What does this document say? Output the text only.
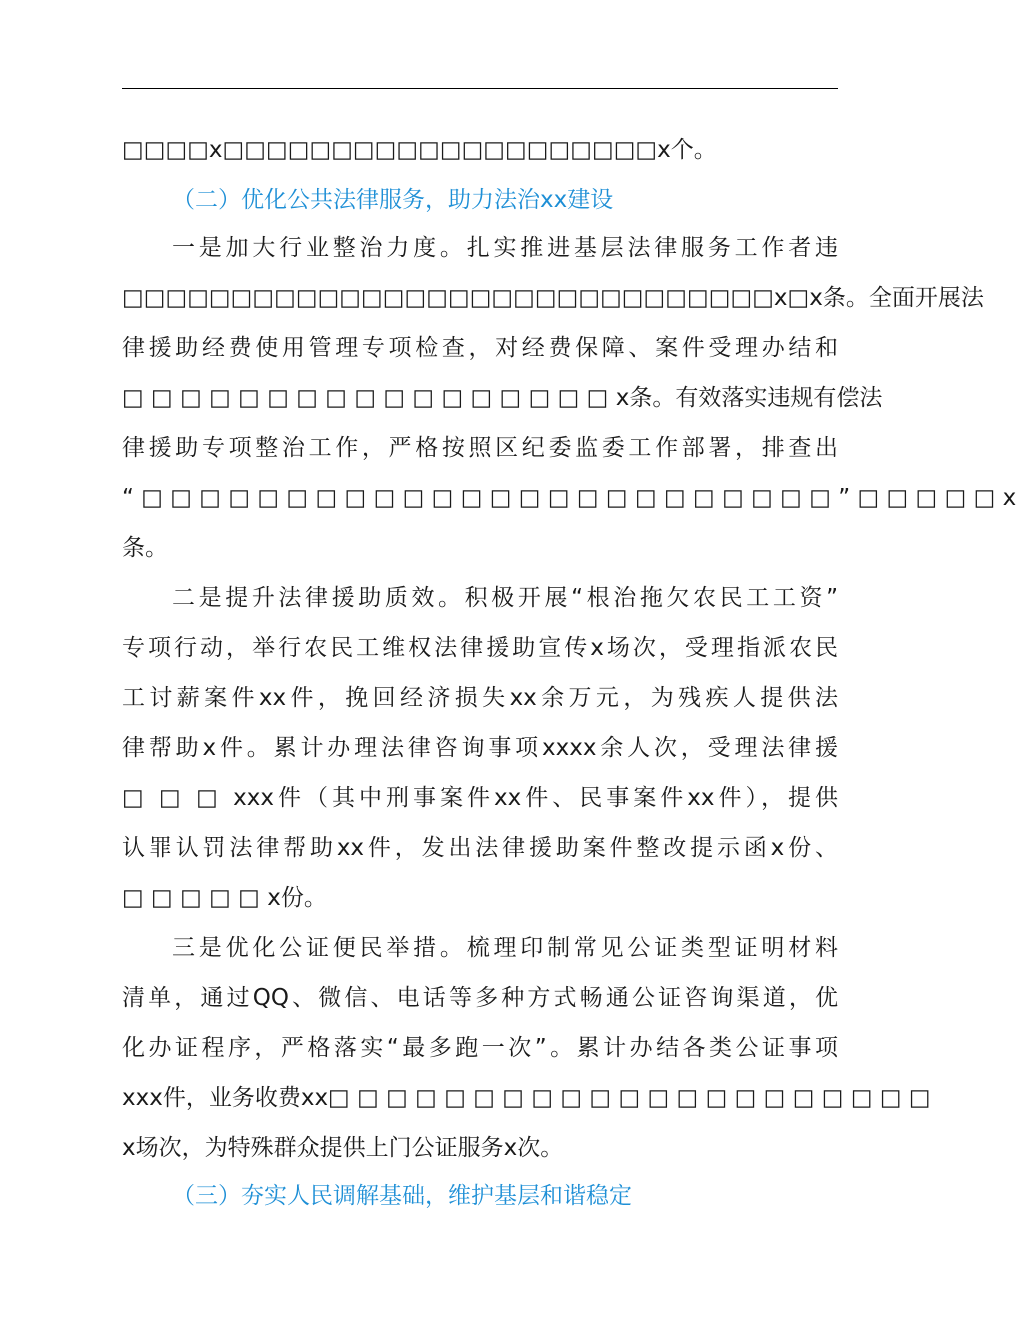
□□□□x□□□□□□□□□□□□□□□□□□□□x个。
（二）优化公共法律服务，助力法治xx建设
一是加大行业整治力度。扎实推进基层法律服务工作者违
□□□□□□□□□□□□□□□□□□□□□□□□□□□□□□x□x条。全面开展法
律援助经费使用管理专项检查，对经费保障、案件受理办结和
□ □ □ □ □ □ □ □ □ □ □ □ □ □ □ □ □ x条。有效落实违规有偿法
律援助专项整治工作，严格按照区纪委监委工作部署，排查出
“ □ □ □ □ □ □ □ □ □ □ □ □ □ □ □ □ □ □ □ □ □ □ □ □ ” □ □ □ □ □ x
条。
二是提升法律援助质效。积极开展“根治拖欠农民工工资”
专项行动，举行农民工维权法律援助宣传x场次，受理指派农民
工讨薪案件xx件，挽回经济损失xx余万元，为残疾人提供法
律帮助x件。累计办理法律咨询事项xxxx余人次，受理法律援
□ □ □ xxx件（其中刑事案件xx件、民事案件xx件），提供
认罪认罚法律帮助xx件，发出法律援助案件整改提示函x份、
□ □ □ □ □ x份。
三是优化公证便民举措。梳理印制常见公证类型证明材料
清单，通过QQ、微信、电话等多种方式畅通公证咨询渠道，优
化办证程序，严格落实“最多跑一次”。累计办结各类公证事项
xxx件，业务收费xx□ □ □ □ □ □ □ □ □ □ □ □ □ □ □ □ □ □ □ □ □
x场次，为特殊群众提供上门公证服务x次。
（三）夯实人民调解基础，维护基层和谐稳定
